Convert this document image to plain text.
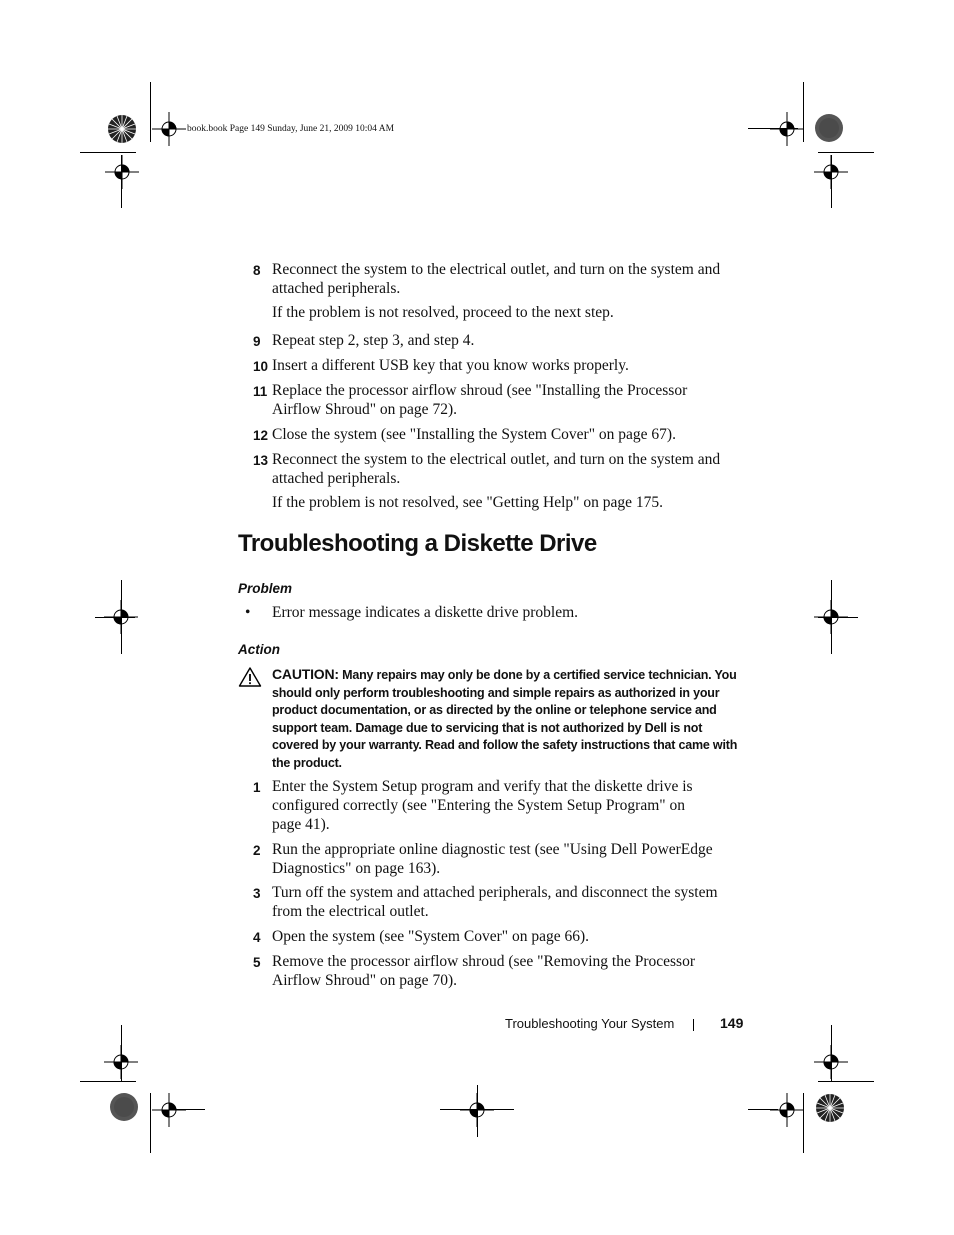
book.book Page 149 Sunday, June 21, 2009 10:04 AM
8 Reconnect the system to the electrical outlet, and turn on the system and attached peripherals.
If the problem is not resolved, proceed to the next step.
9 Repeat step 2, step 3, and step 4.
10 Insert a different USB key that you know works properly.
11 Replace the processor airflow shroud (see "Installing the Processor Airflow Shroud" on page 72).
12 Close the system (see "Installing the System Cover" on page 67).
13 Reconnect the system to the electrical outlet, and turn on the system and attached peripherals.
If the problem is not resolved, see "Getting Help" on page 175.
Troubleshooting a Diskette Drive
Problem
•	Error message indicates a diskette drive problem.
Action
CAUTION: Many repairs may only be done by a certified service technician. You should only perform troubleshooting and simple repairs as authorized in your product documentation, or as directed by the online or telephone service and support team. Damage due to servicing that is not authorized by Dell is not covered by your warranty. Read and follow the safety instructions that came with the product.
1 Enter the System Setup program and verify that the diskette drive is configured correctly (see "Entering the System Setup Program" on page 41).
2 Run the appropriate online diagnostic test (see "Using Dell PowerEdge Diagnostics" on page 163).
3 Turn off the system and attached peripherals, and disconnect the system from the electrical outlet.
4 Open the system (see "System Cover" on page 66).
5 Remove the processor airflow shroud (see "Removing the Processor Airflow Shroud" on page 70).
Troubleshooting Your System	149
